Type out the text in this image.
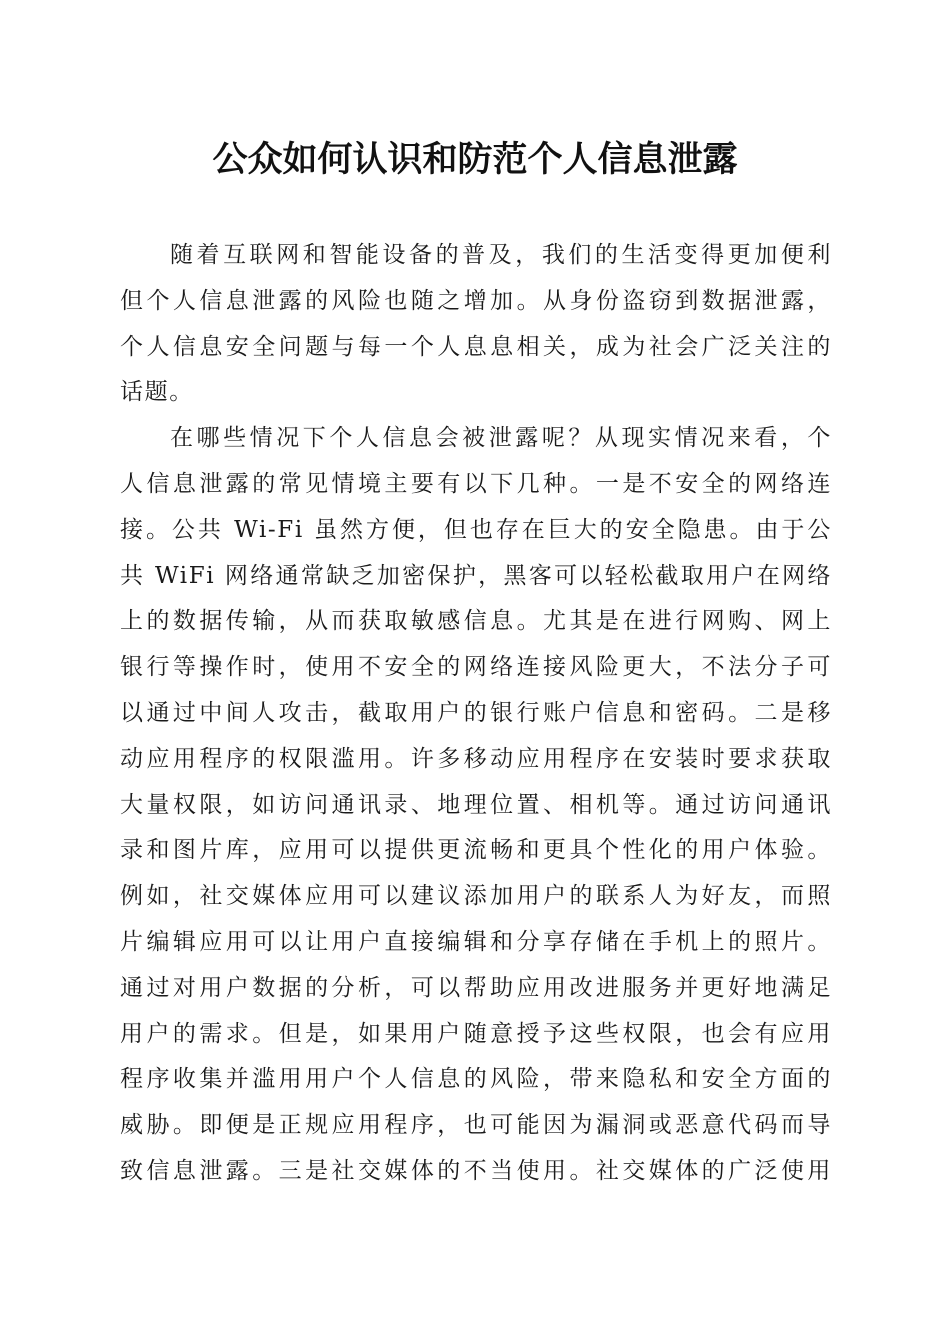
公众如何认识和防范个人信息泄露
随着互联网和智能设备的普及，我们的生活变得更加便利
但个人信息泄露的风险也随之增加。从身份盗窃到数据泄露，
个人信息安全问题与每一个人息息相关，成为社会广泛关注的
话题。
在哪些情况下个人信息会被泄露呢？从现实情况来看，个
人信息泄露的常见情境主要有以下几种。一是不安全的网络连
接。公共 Wi-Fi 虽然方便，但也存在巨大的安全隐患。由于公
共 WiFi 网络通常缺乏加密保护，黑客可以轻松截取用户在网络
上的数据传输，从而获取敏感信息。尤其是在进行网购、网上
银行等操作时，使用不安全的网络连接风险更大，不法分子可
以通过中间人攻击，截取用户的银行账户信息和密码。二是移
动应用程序的权限滥用。许多移动应用程序在安装时要求获取
大量权限，如访问通讯录、地理位置、相机等。通过访问通讯
录和图片库，应用可以提供更流畅和更具个性化的用户体验。
例如，社交媒体应用可以建议添加用户的联系人为好友，而照
片编辑应用可以让用户直接编辑和分享存储在手机上的照片。
通过对用户数据的分析，可以帮助应用改进服务并更好地满足
用户的需求。但是，如果用户随意授予这些权限，也会有应用
程序收集并滥用用户个人信息的风险，带来隐私和安全方面的
威胁。即便是正规应用程序，也可能因为漏洞或恶意代码而导
致信息泄露。三是社交媒体的不当使用。社交媒体的广泛使用
